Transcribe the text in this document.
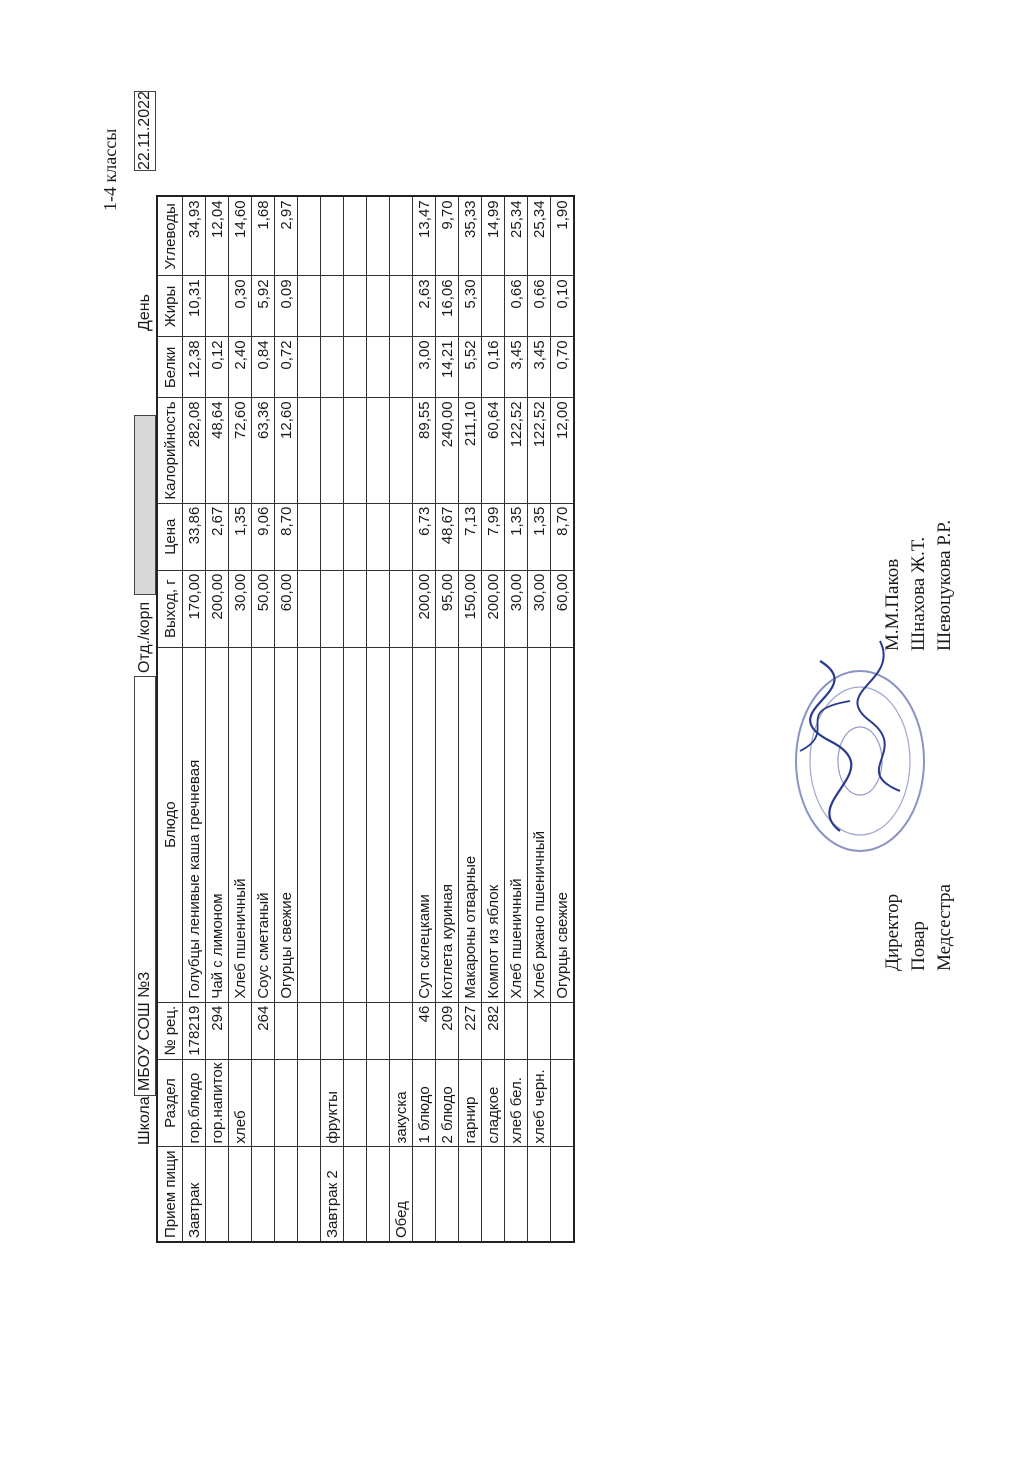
1-4 классы
Школа
МБОУ СОШ №3
Отд./корп
День
22.11.2022
Прием пищи	Раздел	№ рец.	Блюдо	Выход, г	Цена	Калорийность	Белки	Жиры	Углеводы
Завтрак	гор.блюдо	178219	Голубцы ленивые каша гречневая	170,00	33,86	282,08	12,38	10,31	34,93
	гор.напиток	294	Чай с лимоном	200,00	2,67	48,64	0,12		12,04
	хлеб		Хлеб пшеничный	30,00	1,35	72,60	2,40	0,30	14,60
		264	Соус сметаный	50,00	9,06	63,36	0,84	5,92	1,68
			Огурцы свежие	60,00	8,70	12,60	0,72	0,09	2,97

Завтрак 2	фрукты								

Обед	закуска								
	1 блюдо	46	Суп склецками	200,00	6,73	89,55	3,00	2,63	13,47
	2 блюдо	209	Котлета куриная	95,00	48,67	240,00	14,21	16,06	9,70
	гарнир	227	Макароны отварные	150,00	7,13	211,10	5,52	5,30	35,33
	сладкое	282	Компот из яблок	200,00	7,99	60,64	0,16		14,99
	хлеб бел.		Хлеб пшеничный	30,00	1,35	122,52	3,45	0,66	25,34
	хлеб черн.		Хлеб ржано пшеничный	30,00	1,35	122,52	3,45	0,66	25,34
			Огурцы свежие	60,00	8,70	12,00	0,70	0,10	1,90
Директор Повар Медсестра
М.М.Паков Шнахова Ж.Т. Шевоцукова Р.Р.
